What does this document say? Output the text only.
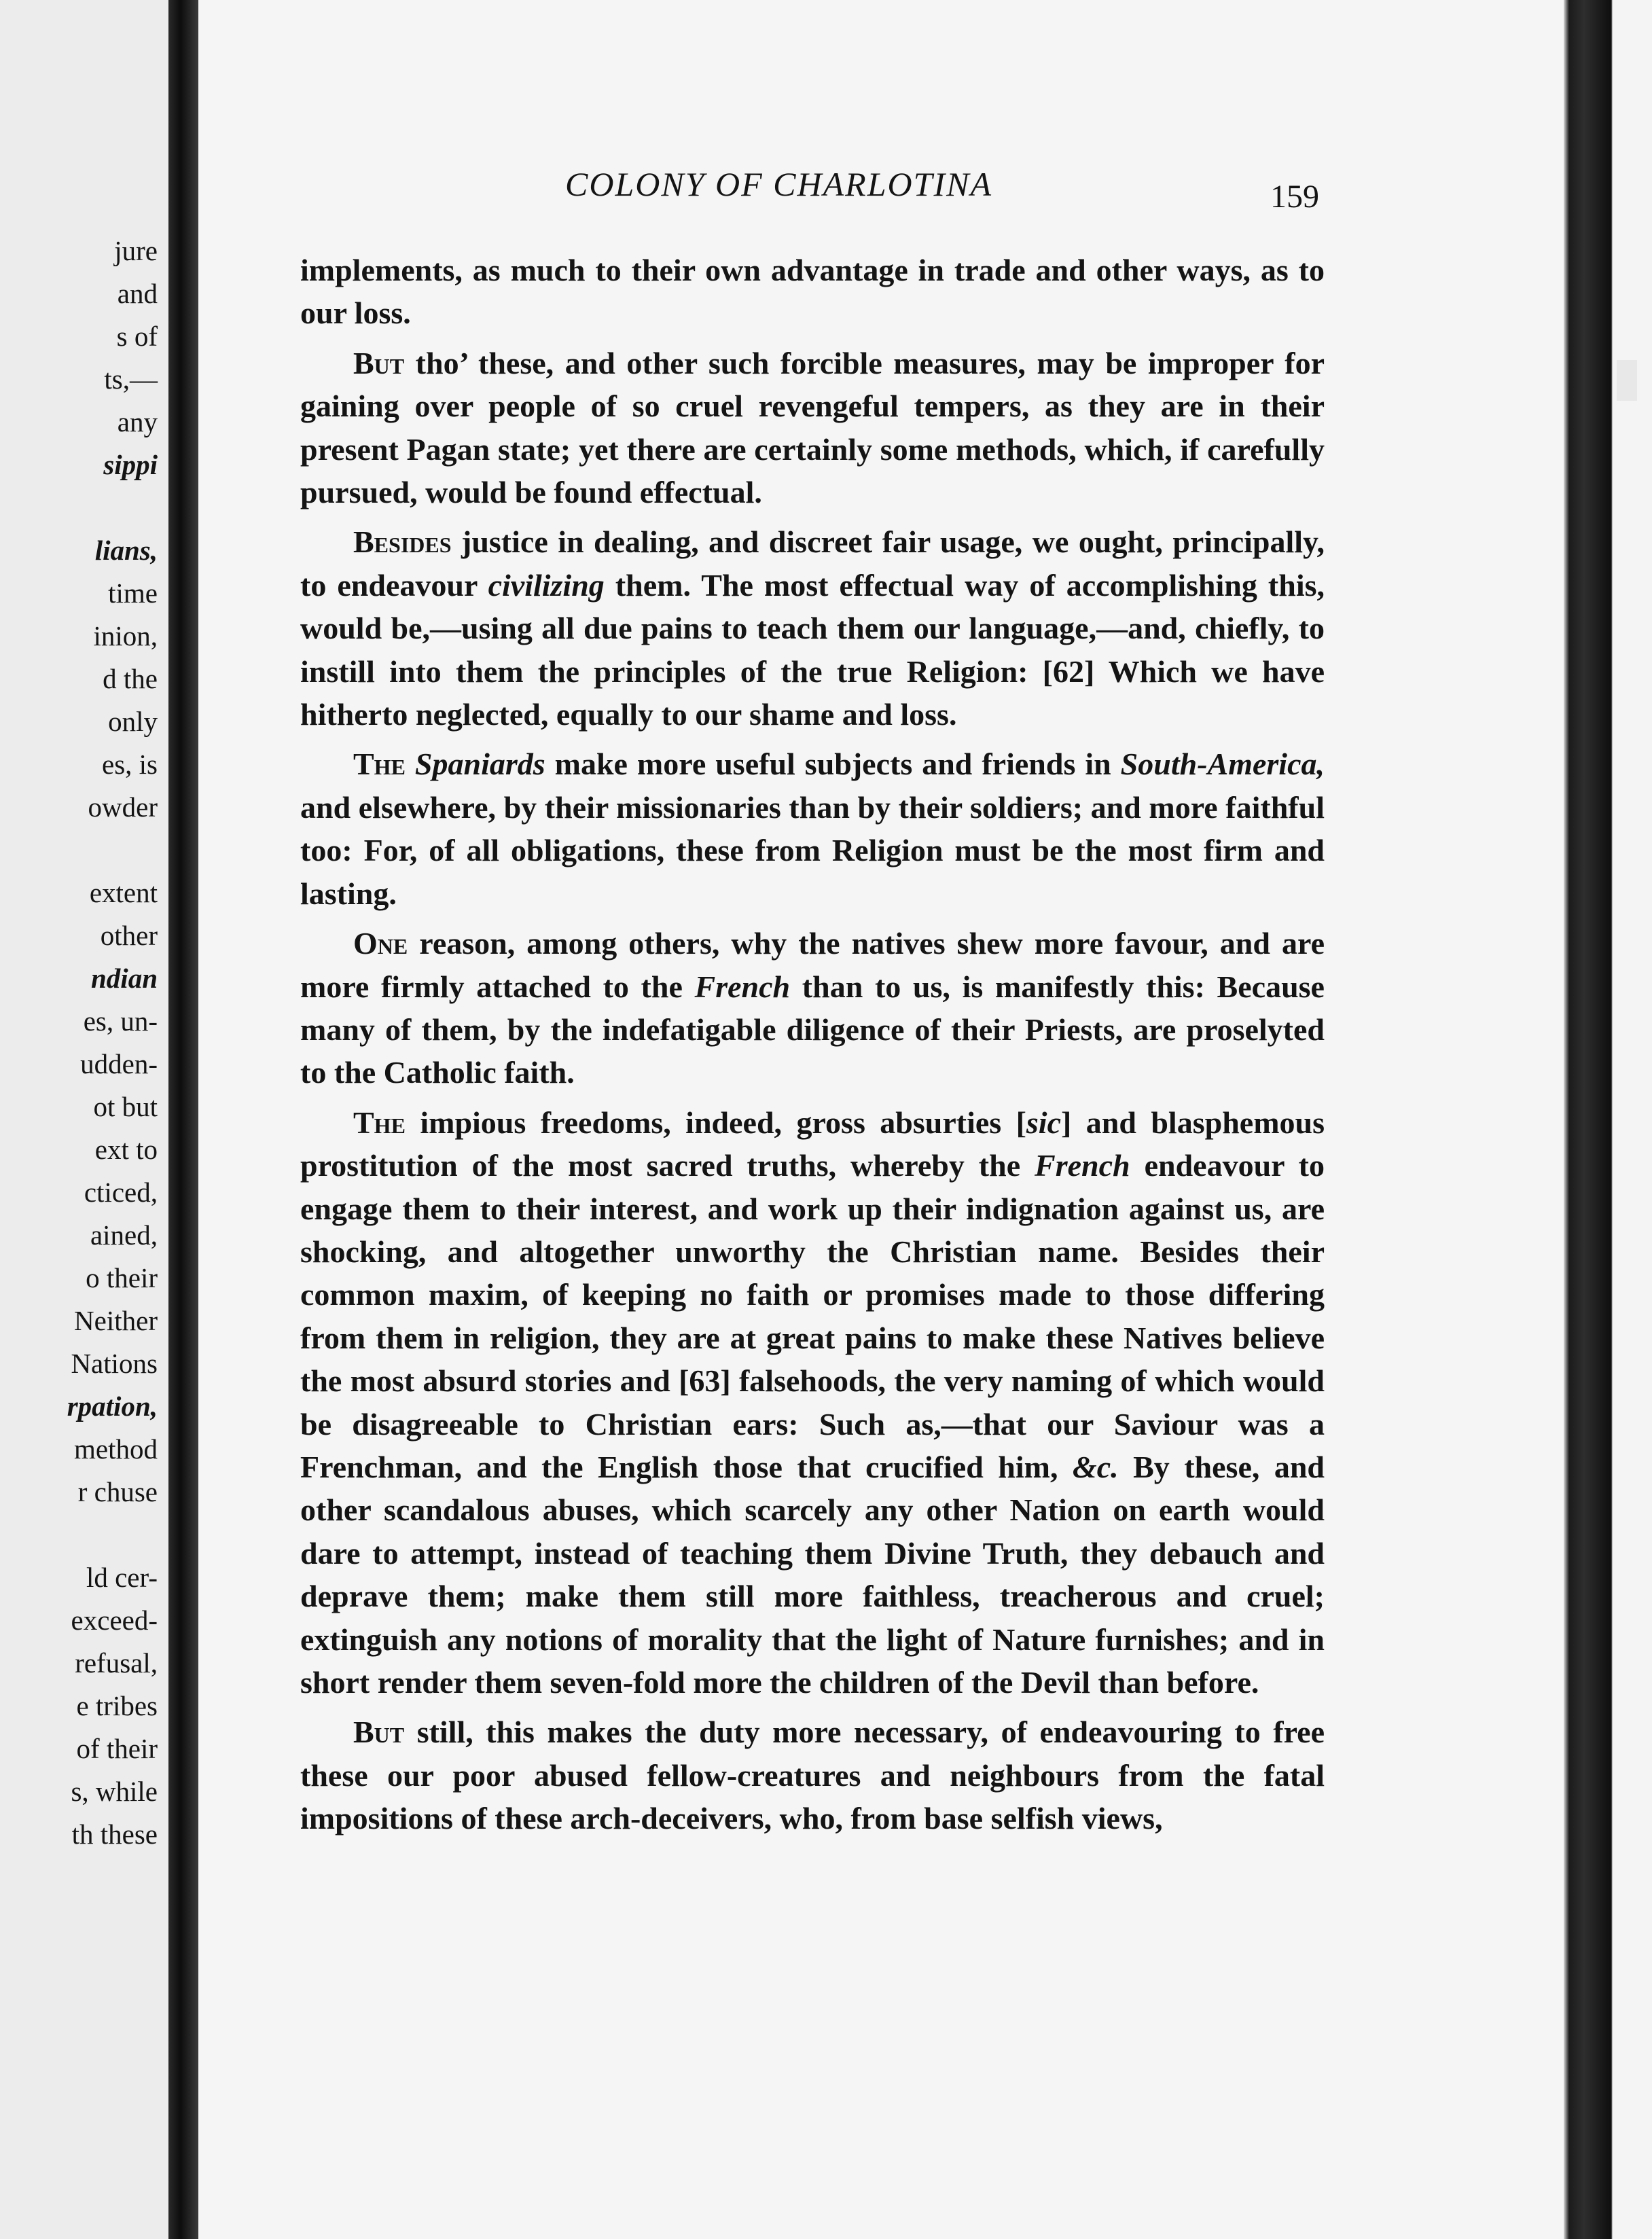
jure
and
s of
ts,—
any
sippi
lians,
time
inion,
d the
only
es, is
owder
extent
other
ndian
es, un-
udden-
ot but
ext to
cticed,
ained,
o their
Neither
Nations
rpation,
method
r chuse
ld cer-
exceed-
refusal,
e tribes
of their
s, while
th these
COLONY OF CHARLOTINA	159

implements, as much to their own advantage in trade and other ways, as to our loss.

But tho’ these, and other such forcible measures, may be improper for gaining over people of so cruel revengeful tempers, as they are in their present Pagan state; yet there are certainly some methods, which, if carefully pursued, would be found effectual.

Besides justice in dealing, and discreet fair usage, we ought, principally, to endeavour civilizing them. The most effectual way of accomplishing this, would be,—using all due pains to teach them our language,—and, chiefly, to instill into them the principles of the true Religion: [62] Which we have hitherto neglected, equally to our shame and loss.

The Spaniards make more useful subjects and friends in South-America, and elsewhere, by their missionaries than by their soldiers; and more faithful too: For, of all obligations, these from Religion must be the most firm and lasting.

One reason, among others, why the natives shew more favour, and are more firmly attached to the French than to us, is manifestly this: Because many of them, by the indefatigable diligence of their Priests, are proselyted to the Catholic faith.

The impious freedoms, indeed, gross absurties [sic] and blasphemous prostitution of the most sacred truths, whereby the French endeavour to engage them to their interest, and work up their indignation against us, are shocking, and altogether unworthy the Christian name. Besides their common maxim, of keeping no faith or promises made to those differing from them in religion, they are at great pains to make these Natives believe the most absurd stories and [63] falsehoods, the very naming of which would be disagreeable to Christian ears: Such as,—that our Saviour was a Frenchman, and the English those that crucified him, &c. By these, and other scandalous abuses, which scarcely any other Nation on earth would dare to attempt, instead of teaching them Divine Truth, they debauch and deprave them; make them still more faithless, treacherous and cruel; extinguish any notions of morality that the light of Nature furnishes; and in short render them seven-fold more the children of the Devil than before.

But still, this makes the duty more necessary, of endeavouring to free these our poor abused fellow-creatures and neighbours from the fatal impositions of these arch-deceivers, who, from base selfish views,
